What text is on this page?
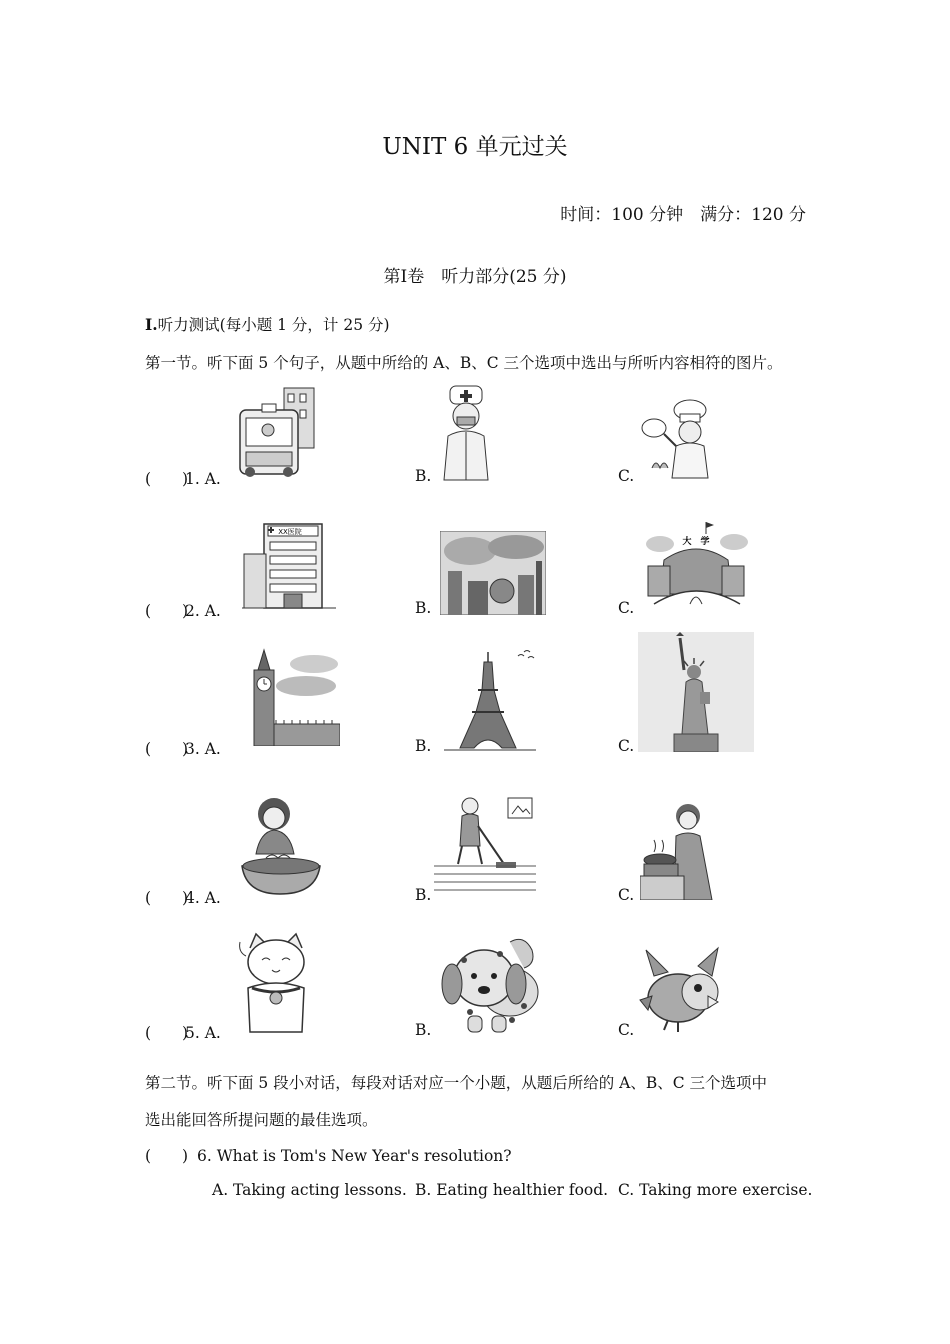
UNIT 6 单元过关
时间：100 分钟　满分：120 分
第Ⅰ卷　听力部分(25 分)
Ⅰ.听力测试(每小题 1 分，计 25 分)
第一节。听下面 5 个句子，从题中所给的 A、B、C 三个选项中选出与所听内容相符的图片。
(　　)1. A.	B.	C.
(　　)2. A.	B.	C.
XX医院
大　学
(　　)3. A.	B.	C.
(　　)4. A.	B.	C.
(　　)5. A.	B.	C.
第二节。听下面 5 段小对话，每段对话对应一个小题，从题后所给的 A、B、C 三个选项中
选出能回答所提问题的最佳选项。
(　　) 6. What is Tom's New Year's resolution?
A. Taking acting lessons. B. Eating healthier food. C. Taking more exercise.
